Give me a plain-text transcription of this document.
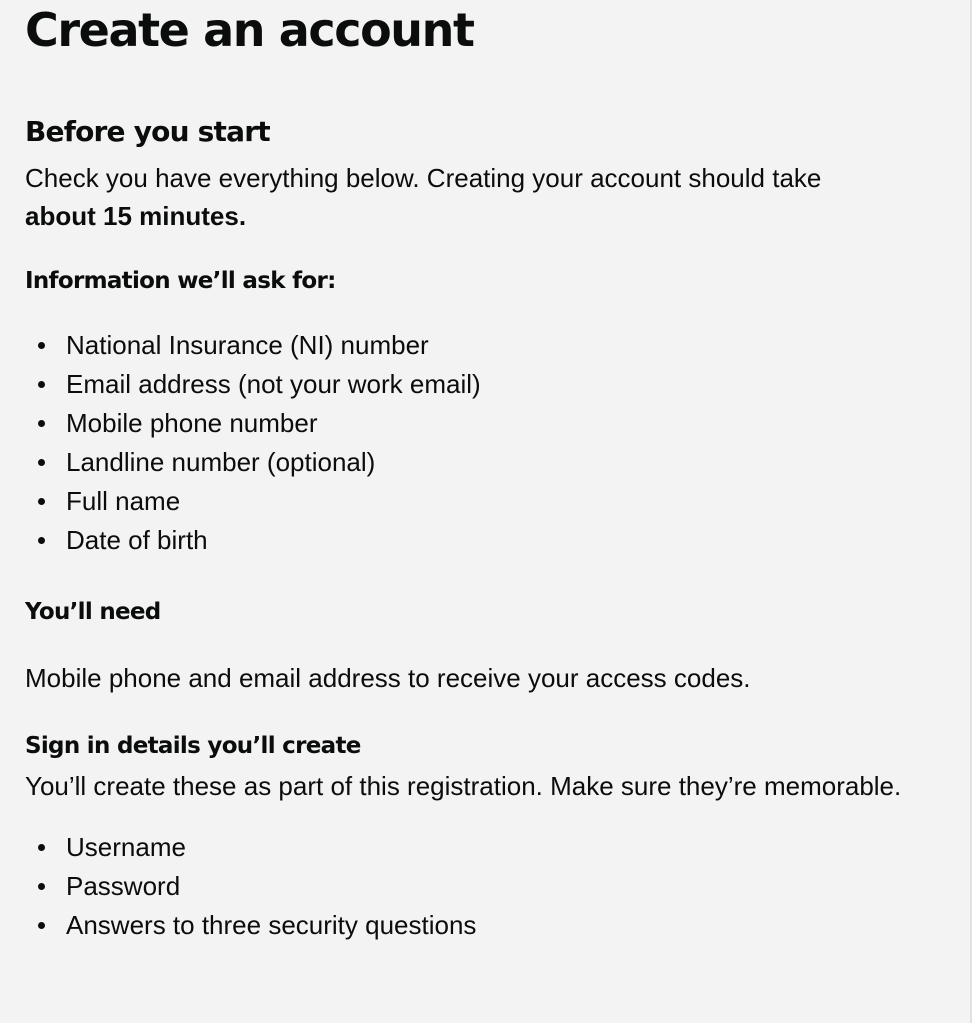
Create an account
Before you start

Check you have everything below. Creating your account should take
about 15 minutes.

Information we’ll ask for:
National Insurance (NI) number
Email address (not your work email)
Mobile phone number
Landline number (optional)
Full name
Date of birth
You’ll need

Mobile phone and email address to receive your access codes.

Sign in details you’ll create

You’ll create these as part of this registration. Make sure they’re memorable.

Username
Password
Answers to three security questions
